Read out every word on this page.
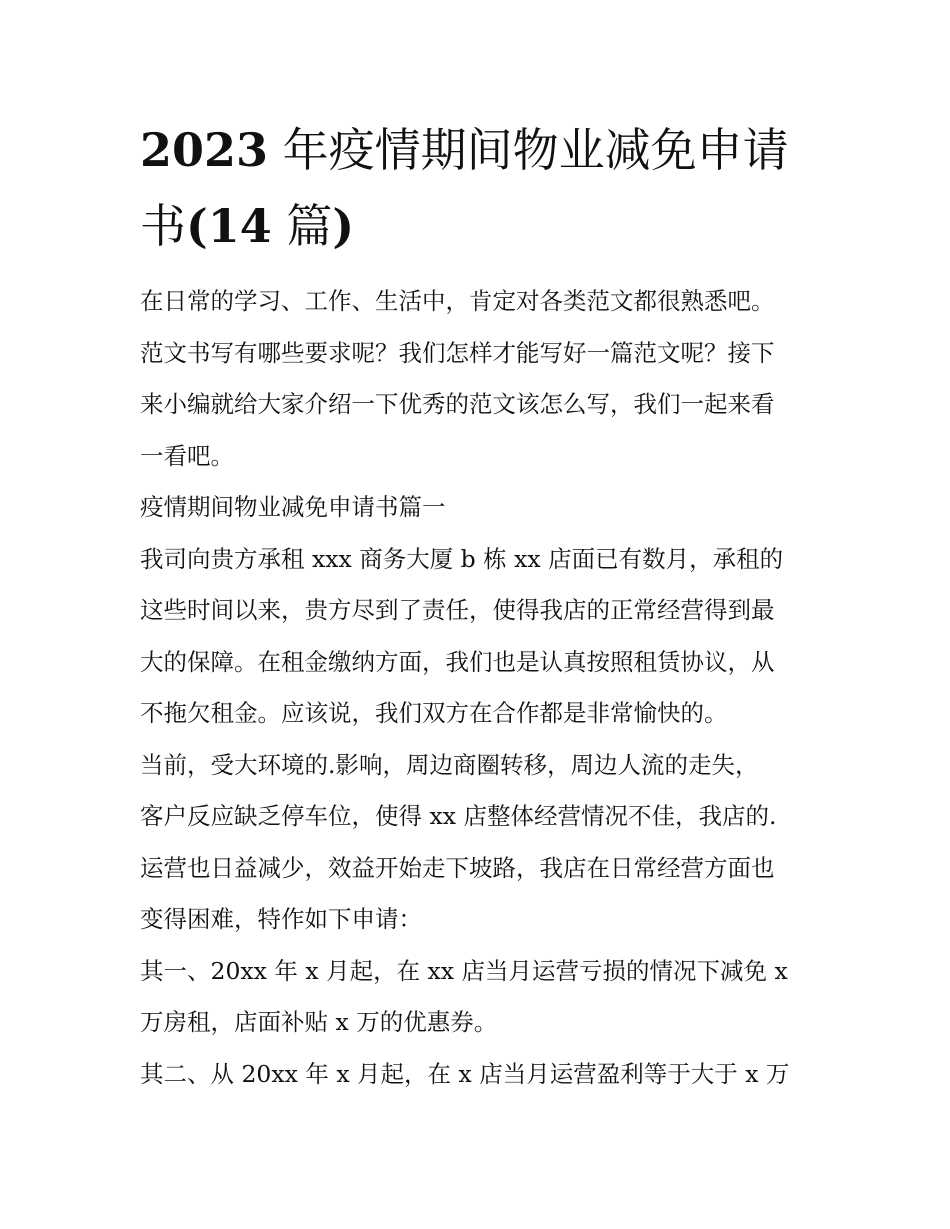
2023 年疫情期间物业减免申请
书(14 篇)

在日常的学习、工作、生活中，肯定对各类范文都很熟悉吧。

范文书写有哪些要求呢？我们怎样才能写好一篇范文呢？接下

来小编就给大家介绍一下优秀的范文该怎么写，我们一起来看

一看吧。

疫情期间物业减免申请书篇一

我司向贵方承租 xxx 商务大厦 b 栋 xx 店面已有数月，承租的

这些时间以来，贵方尽到了责任，使得我店的正常经营得到最

大的保障。在租金缴纳方面，我们也是认真按照租赁协议，从

不拖欠租金。应该说，我们双方在合作都是非常愉快的。

当前，受大环境的.影响，周边商圈转移，周边人流的走失，

客户反应缺乏停车位，使得 xx 店整体经营情况不佳，我店的.

运营也日益减少，效益开始走下坡路，我店在日常经营方面也

变得困难，特作如下申请：

其一、20xx 年 x 月起，在 xx 店当月运营亏损的情况下减免 x

万房租，店面补贴 x 万的优惠券。

其二、从 20xx 年 x 月起，在 x 店当月运营盈利等于大于 x 万
